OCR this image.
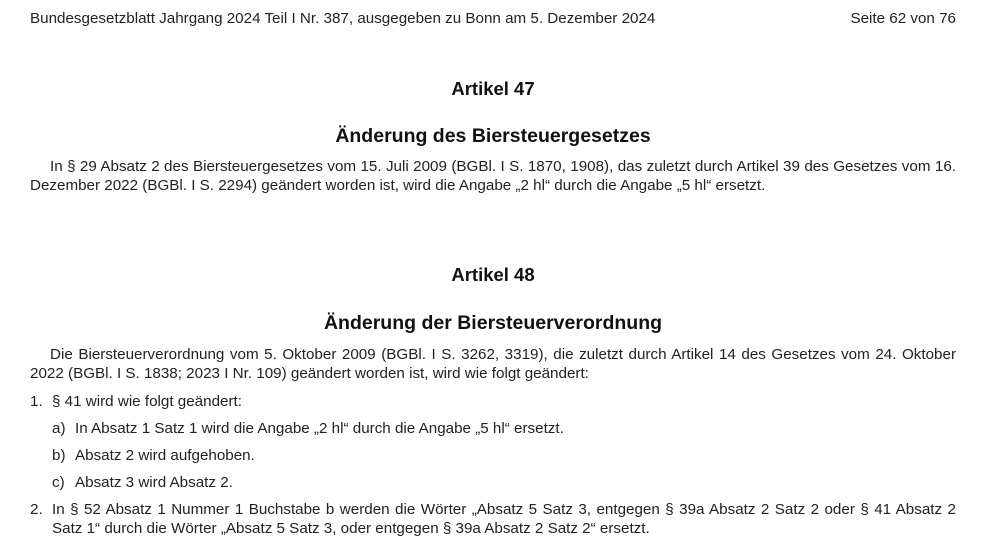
Bundesgesetzblatt Jahrgang 2024 Teil I Nr. 387, ausgegeben zu Bonn am 5. Dezember 2024	Seite 62 von 76
Artikel 47
Änderung des Biersteuergesetzes

In § 29 Absatz 2 des Biersteuergesetzes vom 15. Juli 2009 (BGBl. I S. 1870, 1908), das zuletzt durch Artikel 39 des Gesetzes vom 16. Dezember 2022 (BGBl. I S. 2294) geändert worden ist, wird die Angabe „2 hl“ durch die Angabe „5 hl“ ersetzt.

Artikel 48
Änderung der Biersteuerverordnung

Die Biersteuerverordnung vom 5. Oktober 2009 (BGBl. I S. 3262, 3319), die zuletzt durch Artikel 14 des Gesetzes vom 24. Oktober 2022 (BGBl. I S. 1838; 2023 I Nr. 109) geändert worden ist, wird wie folgt geändert:

1. § 41 wird wie folgt geändert:
a) In Absatz 1 Satz 1 wird die Angabe „2 hl“ durch die Angabe „5 hl“ ersetzt.
b) Absatz 2 wird aufgehoben.
c) Absatz 3 wird Absatz 2.
2. In § 52 Absatz 1 Nummer 1 Buchstabe b werden die Wörter „Absatz 5 Satz 3, entgegen § 39a Absatz 2 Satz 2 oder § 41 Absatz 2 Satz 1“ durch die Wörter „Absatz 5 Satz 3, oder entgegen § 39a Absatz 2 Satz 2“ ersetzt.
